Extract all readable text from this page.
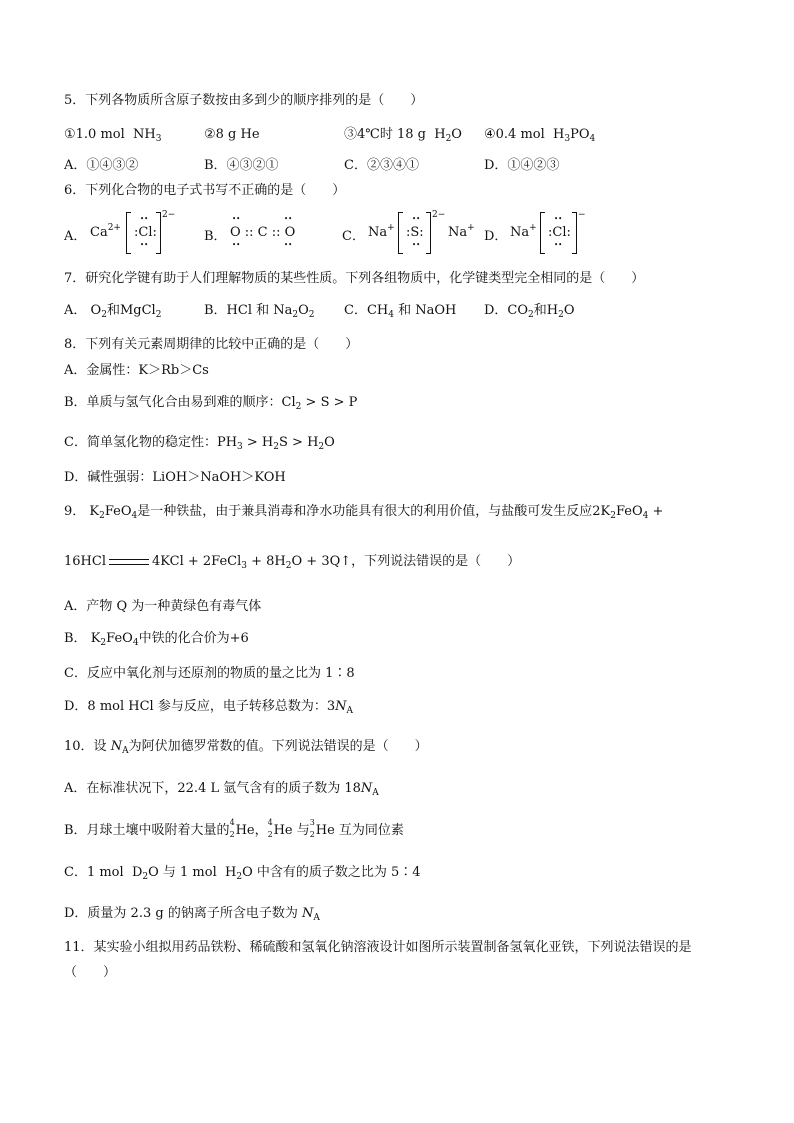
5．下列各物质所含原子数按由多到少的顺序排列的是（　　）
①1.0 mol $NH_3$	②8 g He	③4℃时 18 g $H_2O$ ④0.4 mol $H_3PO_4$
A．①④③②	B．④③②①	C．②③④①	D．①④②③
6．下列化合物的电子式书写不正确的是（　　）
A． $Ca^{2+}$
••
:Cl:
••
2−
B．
••	••
O :: C :: O
••	••
C． Na+
••
:S:
••
2−
Na+
D． Na+
••
:Cl:
••
−
7．研究化学键有助于人们理解物质的某些性质。下列各组物质中，化学键类型完全相同的是（　　）
A． $O_2$和MgCl$_2$	B．HCl 和 $Na_2O_2$ C．$CH_4$ 和 NaOH D．$CO_2$和$H_2O$
8．下列有关元素周期律的比较中正确的是（　　）
A．金属性：K＞Rb＞Cs
B．单质与氢气化合由易到难的顺序：$Cl_2 > S > P$
C．简单氢化物的稳定性：$PH_3 > H_2S > H_2O$
D．碱性强弱：LiOH＞NaOH＞KOH
9． $K_2FeO_4$是一种铁盐，由于兼具消毒和净水功能具有很大的利用价值，与盐酸可发生反应$2K_2FeO_4$ +
16HCl	4KCl + 2FeCl$_3$ + $8H_2O$ + 3Q↑，下列说法错误的是（　　）
A．产物 Q 为一种黄绿色有毒气体
B． $K_2FeO_4$中铁的化合价为+6
C．反应中氧化剂与还原剂的物质的量之比为 1∶8
D．8 mol HCl 参与反应，电子转移总数为：$3N_A$
10．设 $N_A$为阿伏加德罗常数的值。下列说法错误的是（　　）
A．在标准状况下，22.4 L 氩气含有的质子数为 $18N_A$
B．月球土壤中吸附着大量的
4
2 He，
4
2 He 与
3
2 He 互为同位素
C．1 mol $D_2O$ 与 1 mol $H_2O$ 中含有的质子数之比为 5∶4
D．质量为 2.3 g 的钠离子所含电子数为 $N_A$
11．某实验小组拟用药品铁粉、稀硫酸和氢氧化钠溶液设计如图所示装置制备氢氧化亚铁，下列说法错误的是
（　　）
